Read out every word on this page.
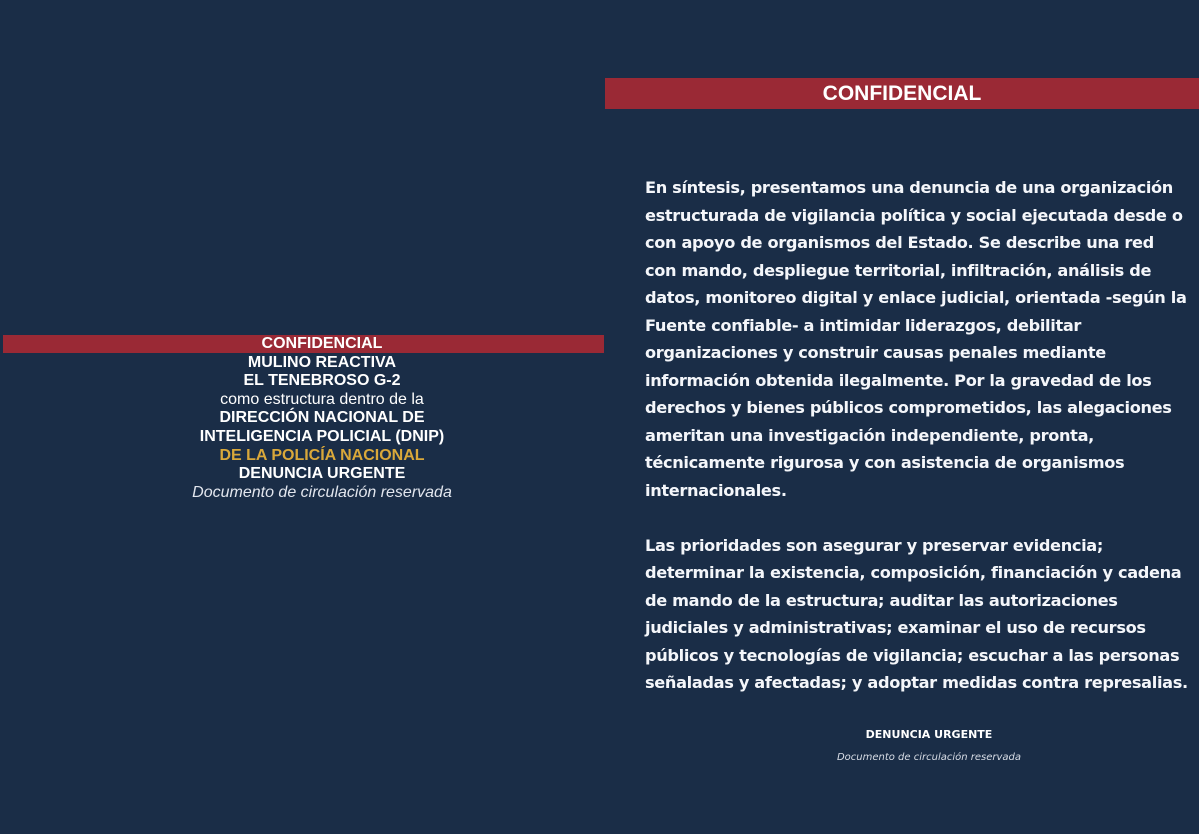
CONFIDENCIAL
MULINO REACTIVA
EL TENEBROSO G-2
como estructura dentro de la
DIRECCIÓN NACIONAL DE
INTELIGENCIA POLICIAL (DNIP)
DE LA POLICÍA NACIONAL
DENUNCIA URGENTE
Documento de circulación reservada
CONFIDENCIAL

En síntesis, presentamos una denuncia de una organización estructurada de vigilancia política y social ejecutada desde o con apoyo de organismos del Estado. Se describe una red con mando, despliegue territorial, infiltración, análisis de datos, monitoreo digital y enlace judicial, orientada -según la Fuente confiable- a intimidar liderazgos, debilitar organizaciones y construir causas penales mediante información obtenida ilegalmente. Por la gravedad de los derechos y bienes públicos comprometidos, las alegaciones ameritan una investigación independiente, pronta, técnicamente rigurosa y con asistencia de organismos internacionales.

Las prioridades son asegurar y preservar evidencia; determinar la existencia, composición, financiación y cadena de mando de la estructura; auditar las autorizaciones judiciales y administrativas; examinar el uso de recursos públicos y tecnologías de vigilancia; escuchar a las personas señaladas y afectadas; y adoptar medidas contra represalias.

DENUNCIA URGENTE
Documento de circulación reservada
